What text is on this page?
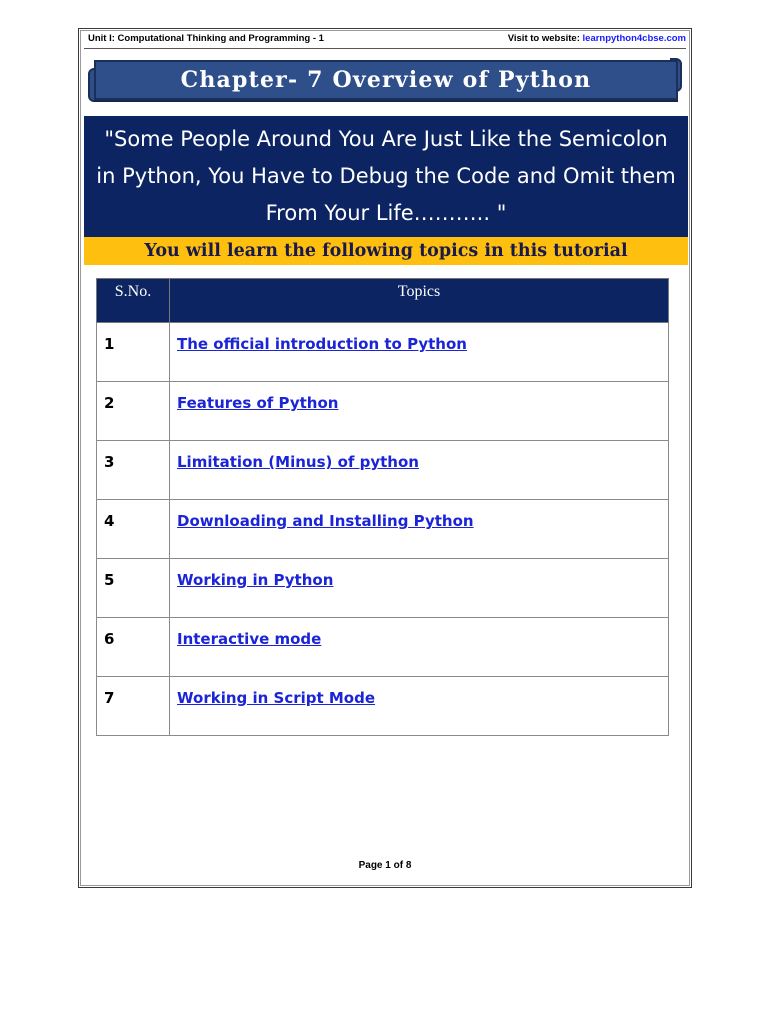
Unit I: Computational Thinking and Programming - 1	Visit to website: learnpython4cbse.com
Chapter- 7 Overview of Python
"Some People Around You Are Just Like the Semicolon in Python, You Have to Debug the Code and Omit them From Your Life……….. "
You will learn the following topics in this tutorial
S.No.	Topics
1	The official introduction to Python
2	Features of Python
3	Limitation (Minus) of python
4	Downloading and Installing Python
5	Working in Python
6	Interactive mode
7	Working in Script Mode
Page 1 of 8
